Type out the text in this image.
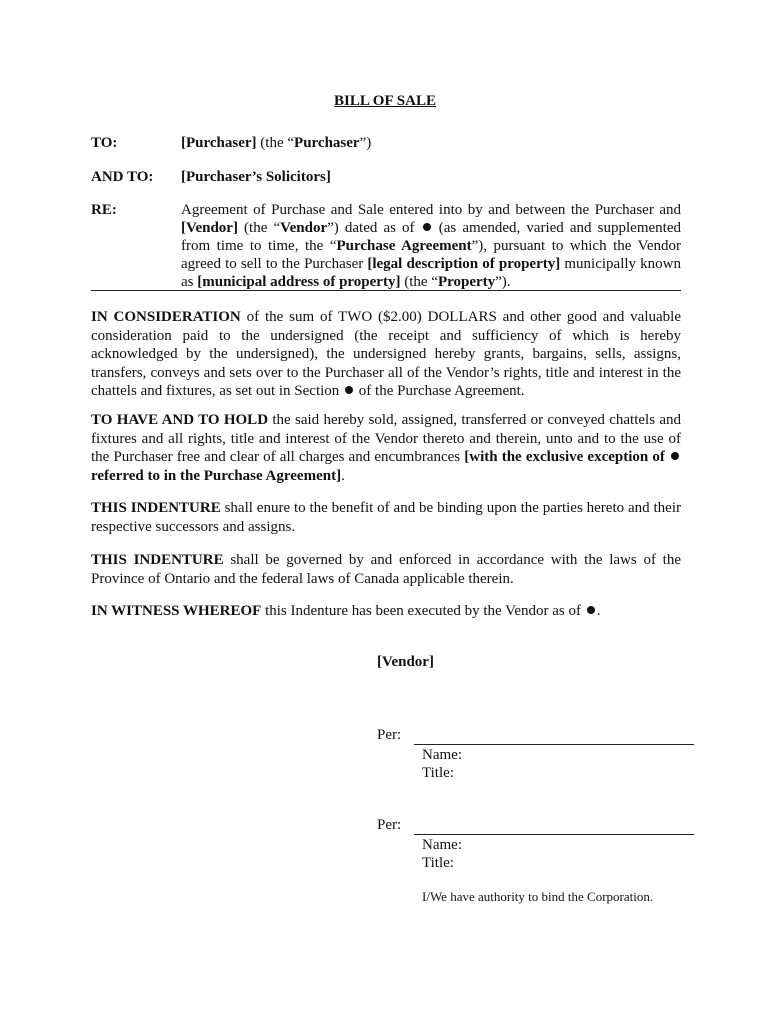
BILL OF SALE
TO:	[Purchaser] (the “Purchaser”)
AND TO: [Purchaser’s Solicitors]
RE:	Agreement of Purchase and Sale entered into by and between the Purchaser and [Vendor] (the “Vendor”) dated as of  (as amended, varied and supplemented from time to time, the “Purchase Agreement”), pursuant to which the Vendor agreed to sell to the Purchaser [legal description of property] municipally known as [municipal address of property] (the “Property”).
IN CONSIDERATION of the sum of TWO ($2.00) DOLLARS and other good and valuable consideration paid to the undersigned (the receipt and sufficiency of which is hereby acknowledged by the undersigned), the undersigned hereby grants, bargains, sells, assigns, transfers, conveys and sets over to the Purchaser all of the Vendor’s rights, title and interest in the chattels and fixtures, as set out in Section  of the Purchase Agreement.
TO HAVE AND TO HOLD the said hereby sold, assigned, transferred or conveyed chattels and fixtures and all rights, title and interest of the Vendor thereto and therein, unto and to the use of the Purchaser free and clear of all charges and encumbrances [with the exclusive exception of  referred to in the Purchase Agreement].
THIS INDENTURE shall enure to the benefit of and be binding upon the parties hereto and their respective successors and assigns.
THIS INDENTURE shall be governed by and enforced in accordance with the laws of the Province of Ontario and the federal laws of Canada applicable therein.
IN WITNESS WHEREOF this Indenture has been executed by the Vendor as of .
[Vendor]
Per:
Name:
Title:
Per:
Name:
Title:
I/We have authority to bind the Corporation.
